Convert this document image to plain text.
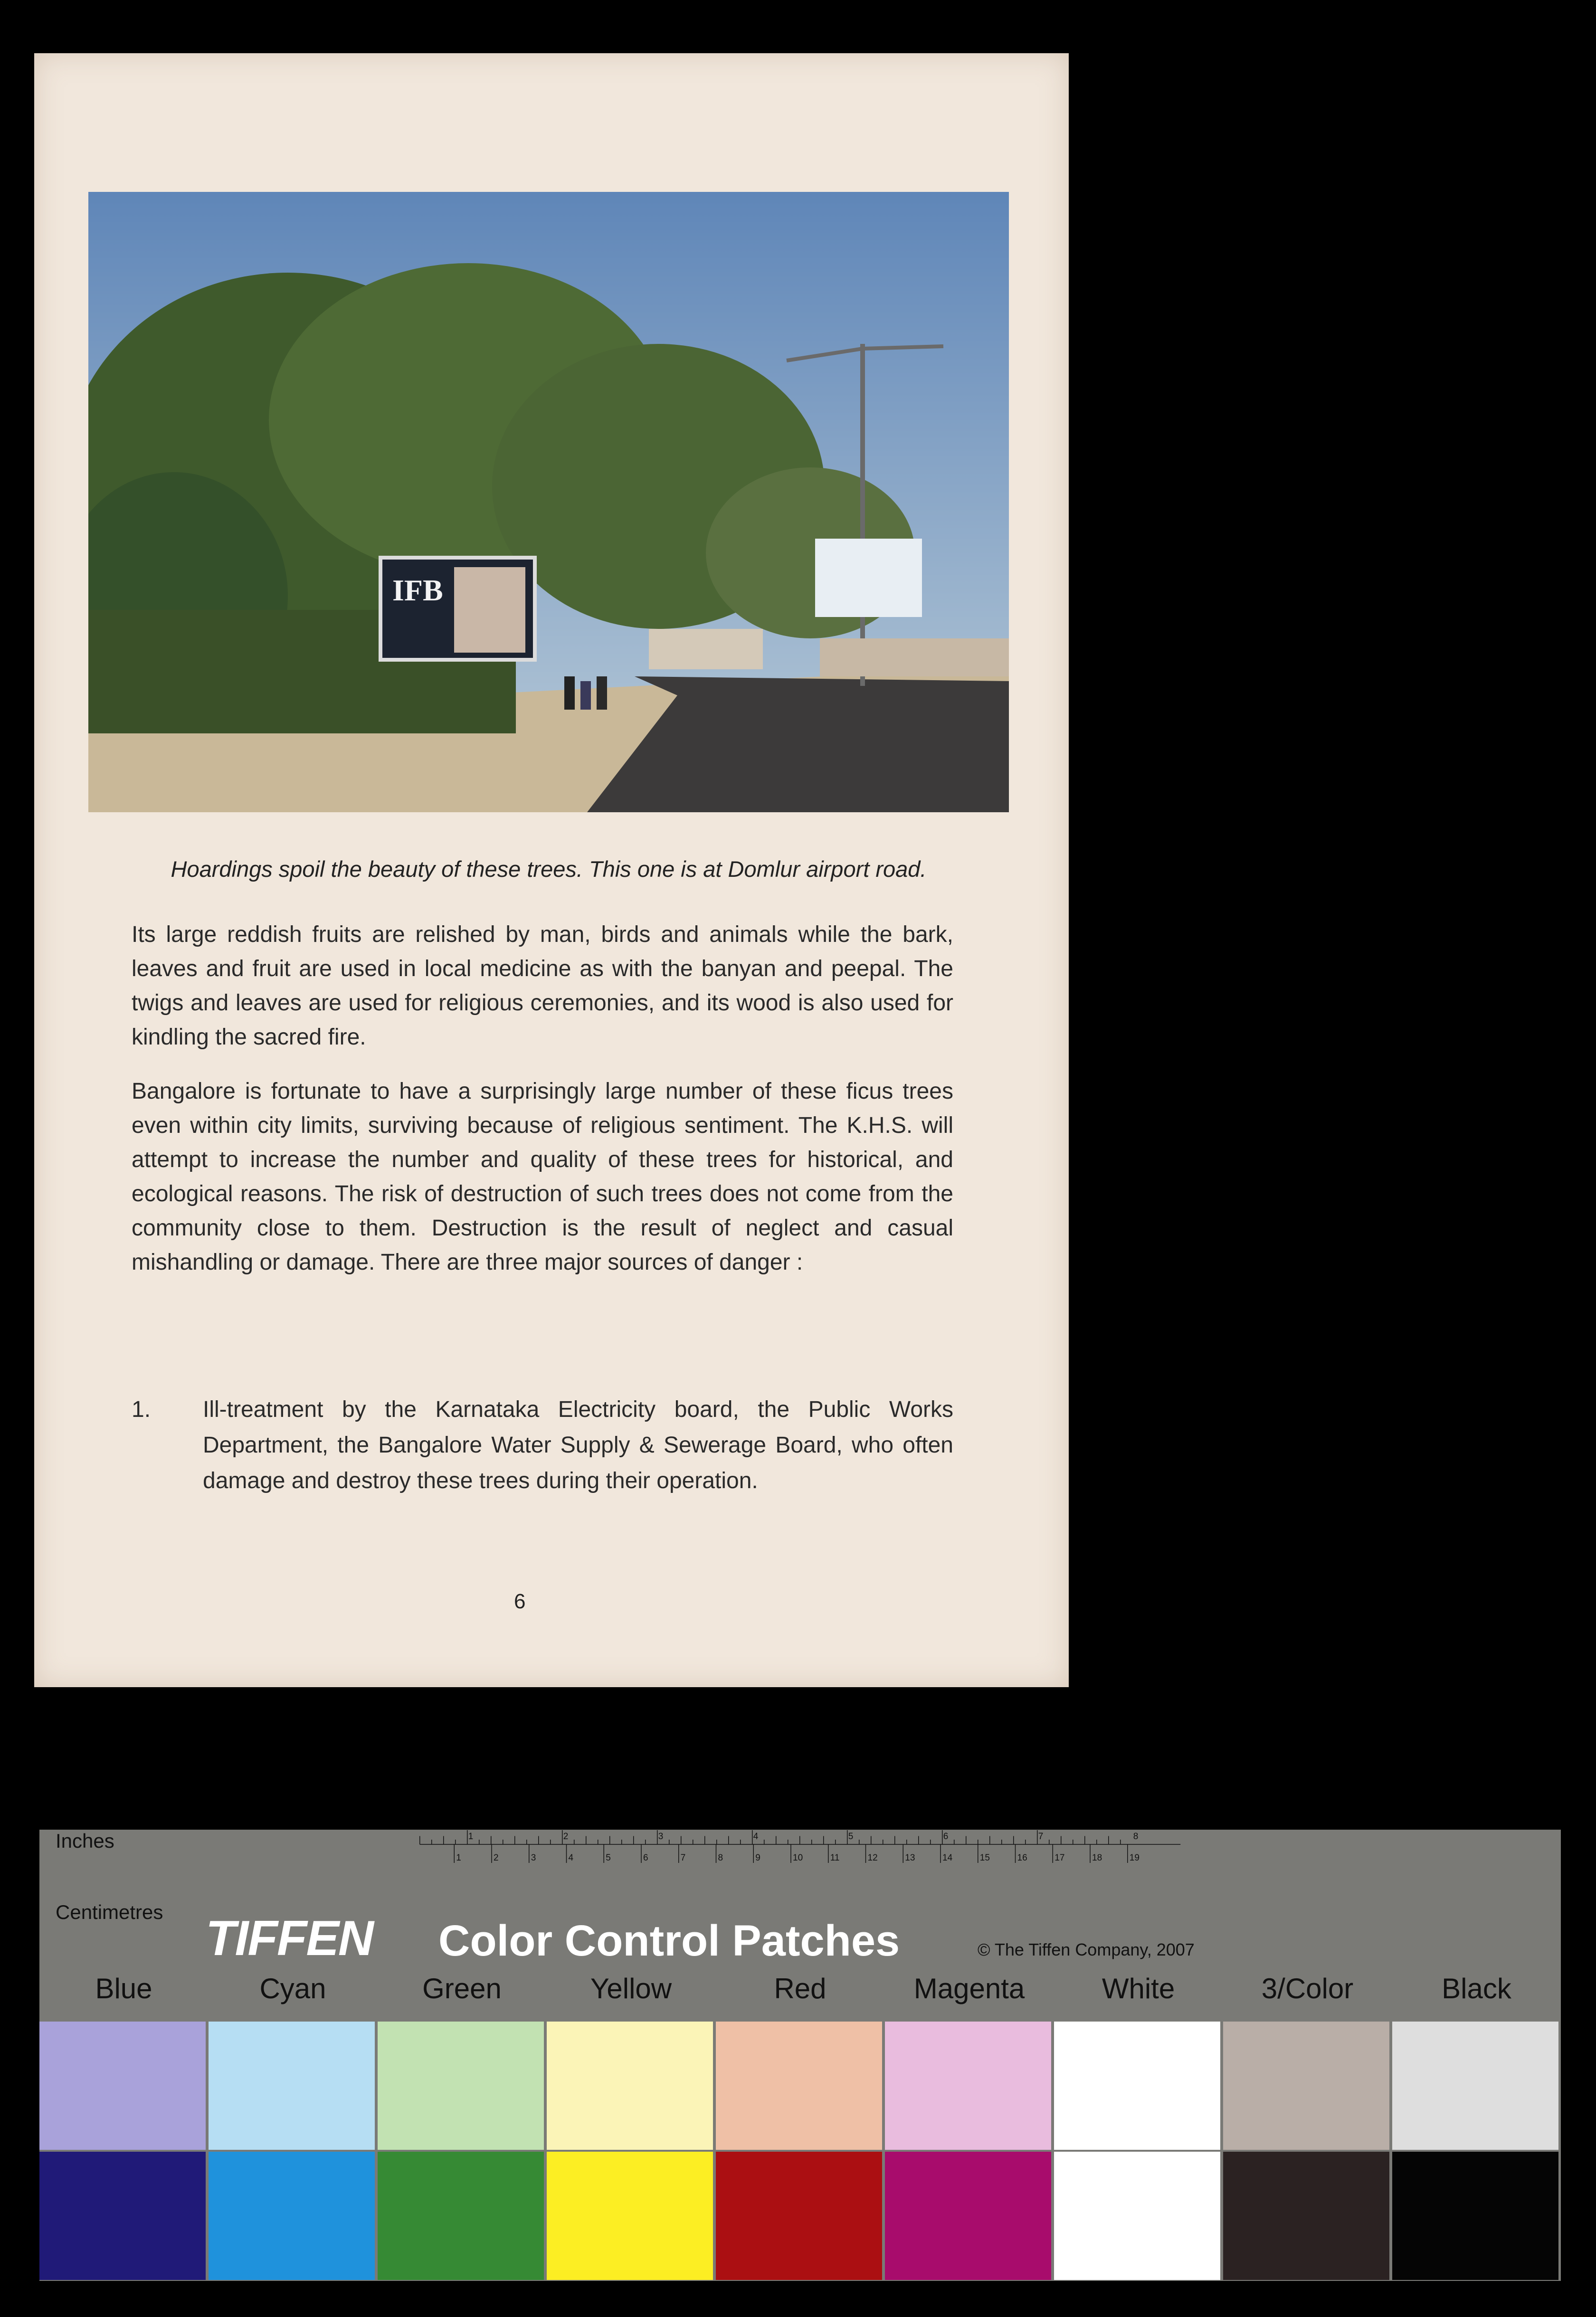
IFB
Hoardings spoil the beauty of these trees. This one is at Domlur airport road.
Its large reddish fruits are relished by man, birds and animals while the bark, leaves and fruit are used in local medicine as with the banyan and peepal. The twigs and leaves are used for religious ceremonies, and its wood is also used for kindling the sacred fire.
Bangalore is fortunate to have a surprisingly large number of these ficus trees even within city limits, surviving because of religious sentiment. The K.H.S. will attempt to increase the number and quality of these trees for historical, and ecological reasons. The risk of destruction of such trees does not come from the community close to them. Destruction is the result of neglect and casual mishandling or damage. There are three major sources of danger :
1. Ill-treatment by the Karnataka Electricity board, the Public Works Department, the Bangalore Water Supply & Sewerage Board, who often damage and destroy these trees during their operation.
6
1	2	3	4	5	6	7	8
1 2 3 4 5 6 7 8 9 10 11 12 13 14 15 16 17 18 19
Inches
Centimetres TIFFEN Color Control Patches	© The Tiffen Company, 2007
Blue	Cyan	Green	Yellow	Red	Magenta	White	3/Color	Black
